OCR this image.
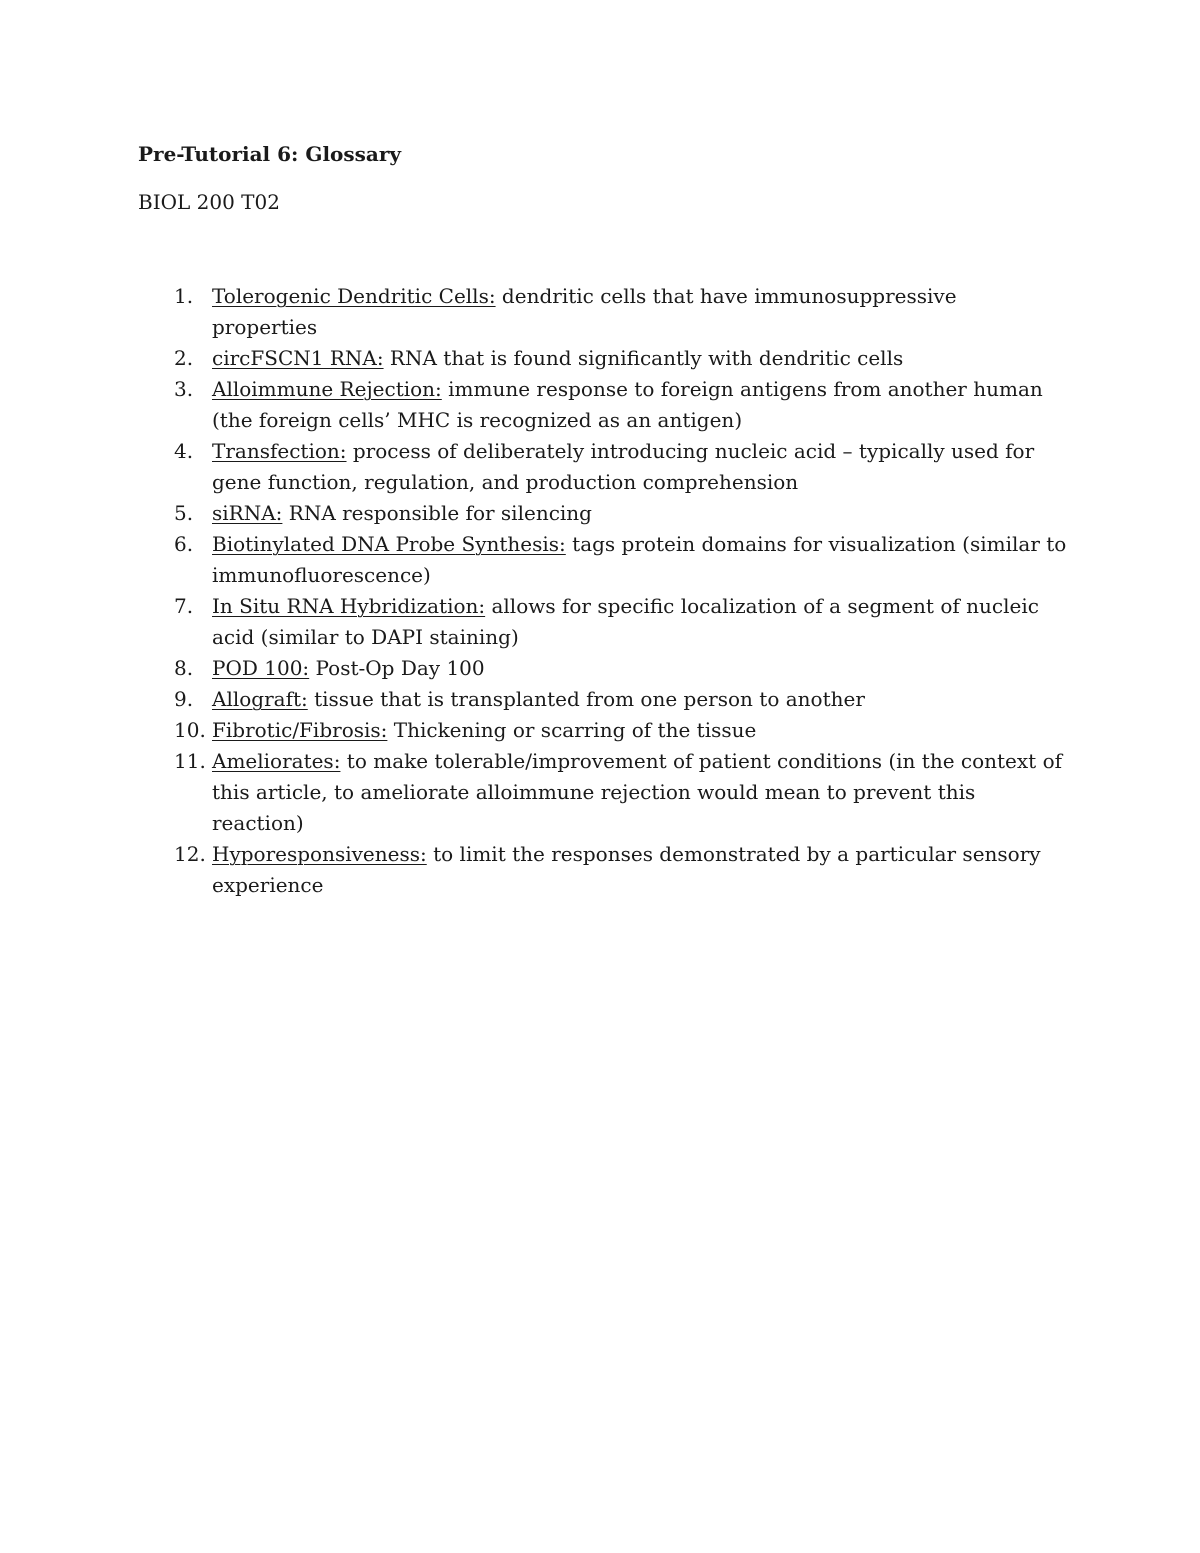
Pre-Tutorial 6: Glossary

BIOL 200 T02

1. Tolerogenic Dendritic Cells: dendritic cells that have immunosuppressive properties
2. circFSCN1 RNA: RNA that is found significantly with dendritic cells
3. Alloimmune Rejection: immune response to foreign antigens from another human (the foreign cells’ MHC is recognized as an antigen)
4. Transfection: process of deliberately introducing nucleic acid – typically used for gene function, regulation, and production comprehension
5. siRNA: RNA responsible for silencing
6. Biotinylated DNA Probe Synthesis: tags protein domains for visualization (similar to immunofluorescence)
7. In Situ RNA Hybridization: allows for specific localization of a segment of nucleic acid (similar to DAPI staining)
8. POD 100: Post-Op Day 100
9. Allograft: tissue that is transplanted from one person to another
10. Fibrotic/Fibrosis: Thickening or scarring of the tissue
11. Ameliorates: to make tolerable/improvement of patient conditions (in the context of this article, to ameliorate alloimmune rejection would mean to prevent this reaction)
12. Hyporesponsiveness: to limit the responses demonstrated by a particular sensory experience
